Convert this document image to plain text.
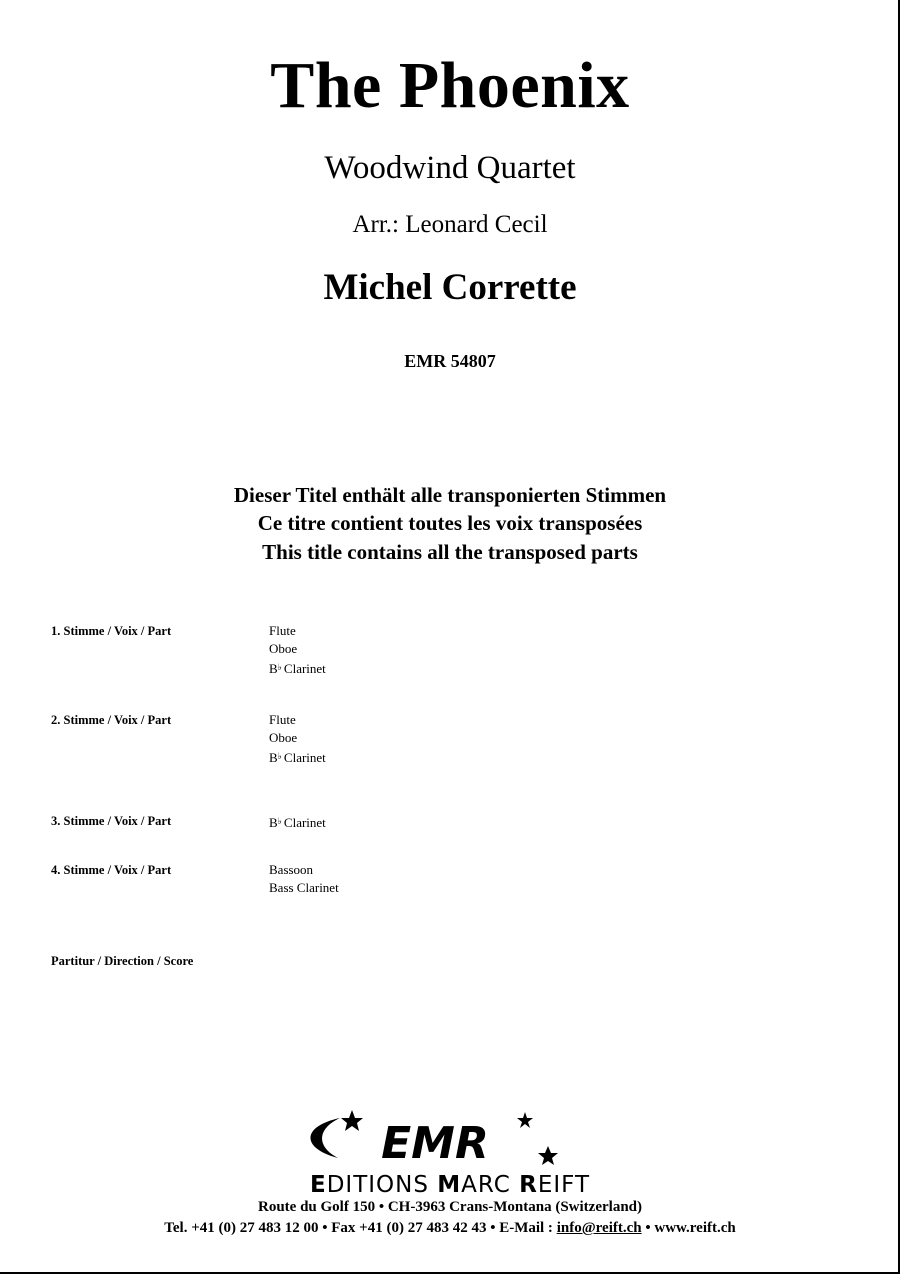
The Phoenix
Woodwind Quartet
Arr.: Leonard Cecil
Michel Corrette
EMR 54807
Dieser Titel enthält alle transponierten Stimmen
Ce titre contient toutes les voix transposées
This title contains all the transposed parts
1. Stimme / Voix / Part	Flute
Oboe
B♭ Clarinet
2. Stimme / Voix / Part	Flute
Oboe
B♭ Clarinet
3. Stimme / Voix / Part	B♭ Clarinet
4. Stimme / Voix / Part	Bassoon
Bass Clarinet
Partitur / Direction / Score
EMR
EDITIONS MARC REIFT
Route du Golf 150 • CH-3963 Crans-Montana (Switzerland)
Tel. +41 (0) 27 483 12 00 • Fax +41 (0) 27 483 42 43 • E-Mail : info@reift.ch • www.reift.ch
